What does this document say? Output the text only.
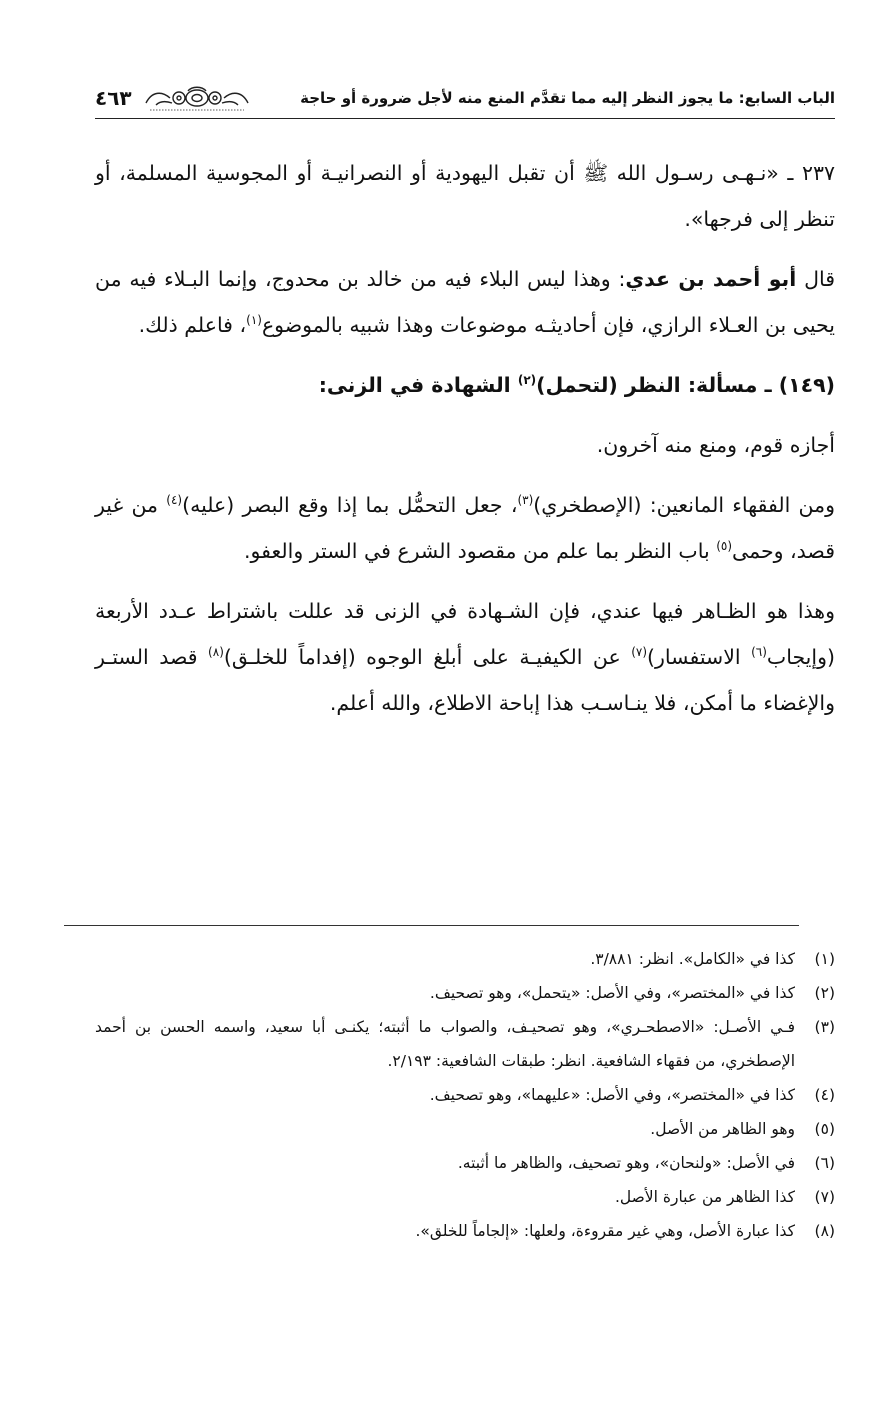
الباب السابع: ما يجوز النظر إليه مما تقدَّم المنع منه لأجل ضرورة أو حاجة
٤٦٣

٢٣٧ ـ «نـهـى رسـول الله ﷺ أن تقبل اليهودية أو النصرانيـة أو المجوسية المسلمة، أو تنظر إلى فرجها».

قال أبو أحمد بن عدي: وهذا ليس البلاء فيه من خالد بن محدوج، وإنما البـلاء فيه من يحيى بن العـلاء الرازي، فإن أحاديثـه موضوعات وهذا شبيه بالموضوع$^{(١)}$، فاعلم ذلك.

(١٤٩) ـ مسألة: النظر (لتحمل)$^{(٢)}$ الشهادة في الزنى:

أجازه قوم، ومنع منه آخرون.

ومن الفقهاء المانعين: (الإصطخري)$^{(٣)}$، جعل التحمُّل بما إذا وقع البصر (عليه)$^{(٤)}$ من غير قصد، وحمى$^{(٥)}$ باب النظر بما علم من مقصود الشرع في الستر والعفو.

وهذا هو الظـاهر فيها عندي، فإن الشـهادة في الزنى قد عللت باشتراط عـدد الأربعة (وإيجاب$^{(٦)}$ الاستفسار)$^{(٧)}$ عن الكيفيـة على أبلغ الوجوه (إفداماً للخلـق)$^{(٨)}$ قصد الستـر والإغضاء ما أمكن، فلا ينـاسـب هذا إباحة الاطلاع، والله أعلم.

(١)
كذا في «الكامل». انظر: ٣/٨٨١.
(٢)
كذا في «المختصر»، وفي الأصل: «يتحمل»، وهو تصحيف.
(٣)
فـي الأصـل: «الاصطحـري»، وهو تصحيـف، والصواب ما أثبته؛ يكنـى أبا سعيد، واسمه الحسن بن أحمد الإصطخري، من فقهاء الشافعية. انظر: طبقات الشافعية: ٢/١٩٣.
(٤)
كذا في «المختصر»، وفي الأصل: «عليهما»، وهو تصحيف.
(٥)
وهو الظاهر من الأصل.
(٦)
في الأصل: «ولنحان»، وهو تصحيف، والظاهر ما أثبته.
(٧)
كذا الظاهر من عبارة الأصل.
(٨)
كذا عبارة الأصل، وهي غير مقروءة، ولعلها: «إلجاماً للخلق».
